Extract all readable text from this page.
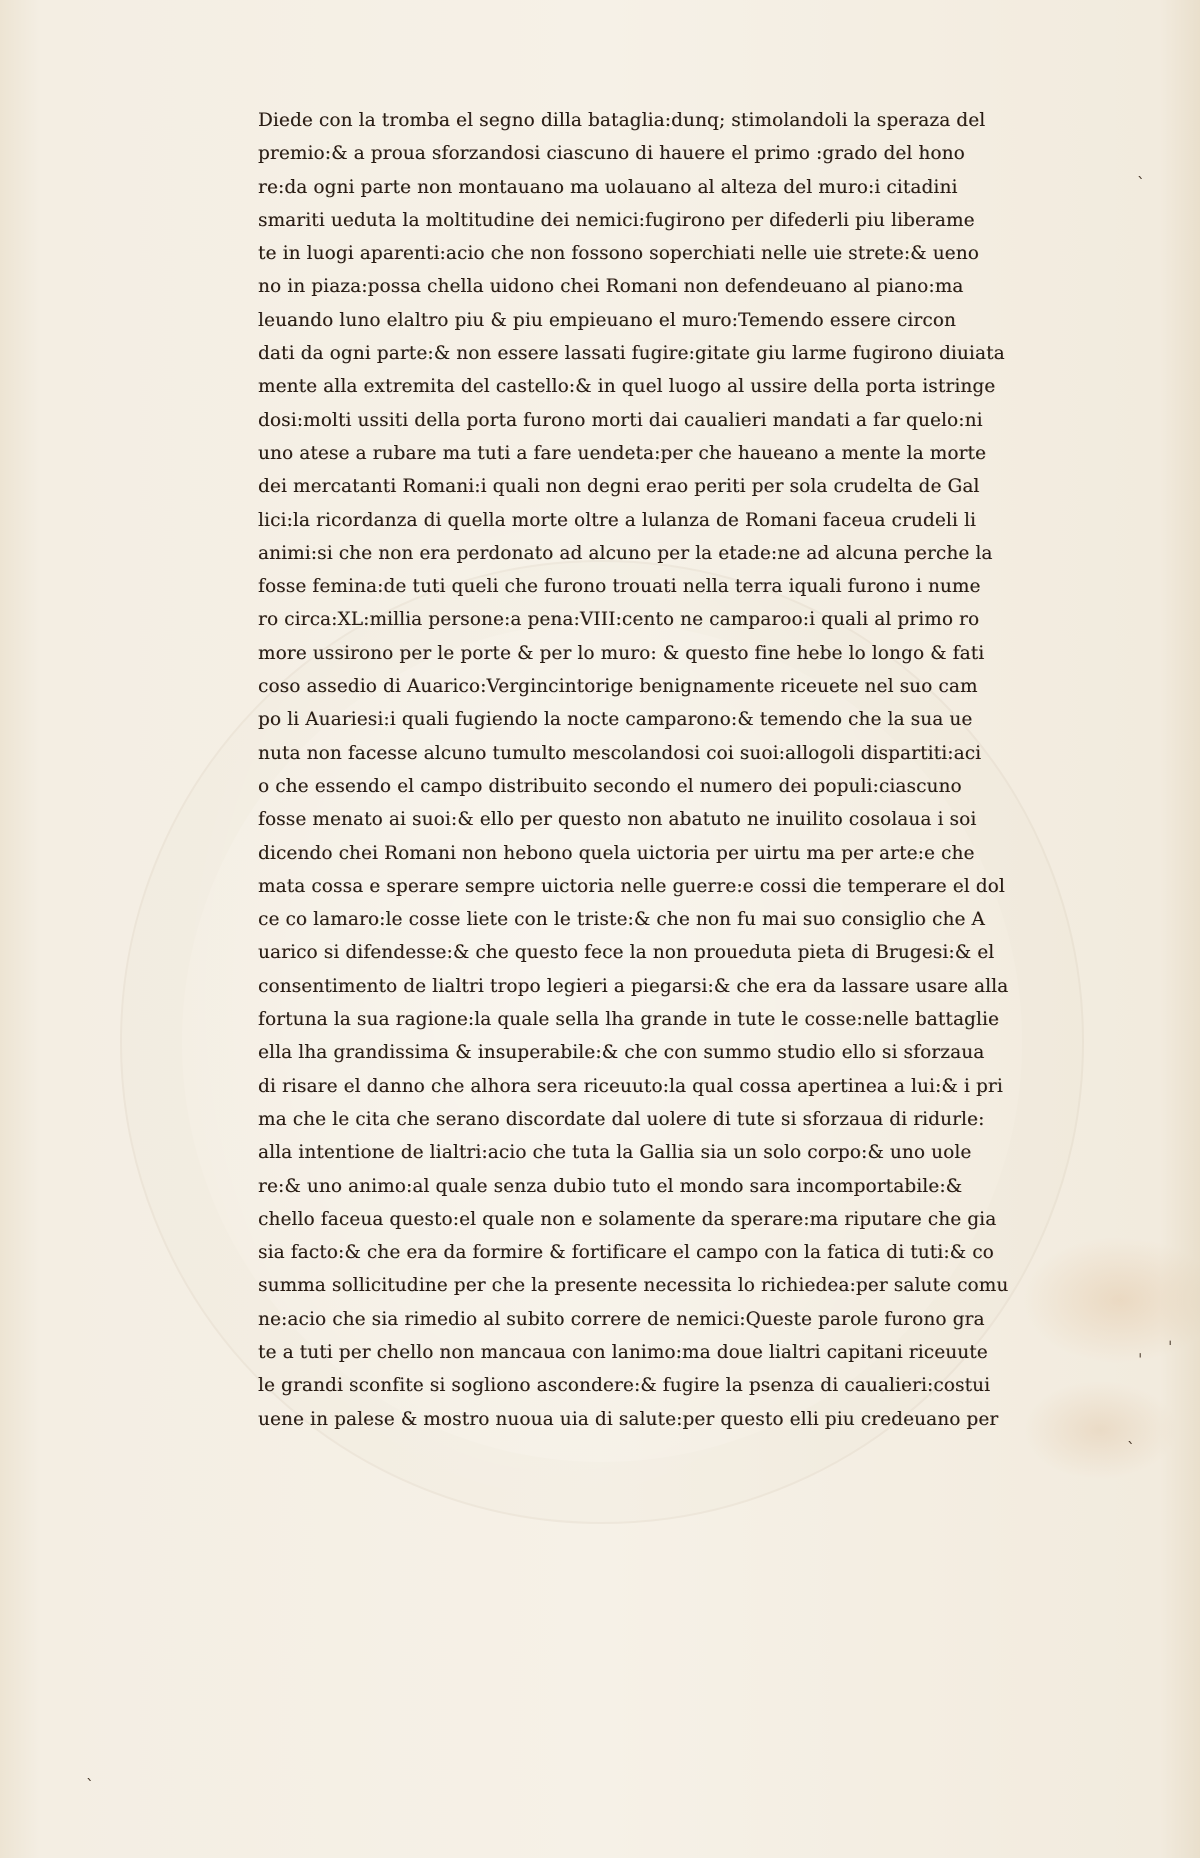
Diede con la tromba el segno dilla bataglia:dunq; stimolandoli la speraza del
premio:& a proua sforzandosi ciascuno di hauere el primo :grado del hono
re:da ogni parte non montauano ma uolauano al alteza del muro:i citadini
smariti ueduta la moltitudine dei nemici:fugirono per difederli piu liberame
te in luogi aparenti:acio che non fossono soperchiati nelle uie strete:& ueno
no in piaza:possa chella uidono chei Romani non defendeuano al piano:ma
leuando luno elaltro piu & piu empieuano el muro:Temendo essere circon
dati da ogni parte:& non essere lassati fugire:gitate giu larme fugirono diuiata
mente alla extremita del castello:& in quel luogo al ussire della porta istringe
dosi:molti ussiti della porta furono morti dai caualieri mandati a far quelo:ni
uno atese a rubare ma tuti a fare uendeta:per che haueano a mente la morte
dei mercatanti Romani:i quali non degni erao periti per sola crudelta de Gal
lici:la ricordanza di quella morte oltre a lulanza de Romani faceua crudeli li
animi:si che non era perdonato ad alcuno per la etade:ne ad alcuna perche la
fosse femina:de tuti queli che furono trouati nella terra iquali furono i nume
ro circa:XL:millia persone:a pena:VIII:cento ne camparoo:i quali al primo ro
more ussirono per le porte & per lo muro: & questo fine hebe lo longo & fati
coso assedio di Auarico:Vergincintorige benignamente riceuete nel suo cam
po li Auariesi:i quali fugiendo la nocte camparono:& temendo che la sua ue
nuta non facesse alcuno tumulto mescolandosi coi suoi:allogoli dispartiti:aci
o che essendo el campo distribuito secondo el numero dei populi:ciascuno
fosse menato ai suoi:& ello per questo non abatuto ne inuilito cosolaua i soi
dicendo chei Romani non hebono quela uictoria per uirtu ma per arte:e che
mata cossa e sperare sempre uictoria nelle guerre:e cossi die temperare el dol
ce co lamaro:le cosse liete con le triste:& che non fu mai suo consiglio che A
uarico si difendesse:& che questo fece la non proueduta pieta di Brugesi:& el
consentimento de lialtri tropo legieri a piegarsi:& che era da lassare usare alla
fortuna la sua ragione:la quale sella lha grande in tute le cosse:nelle battaglie
ella lha grandissima & insuperabile:& che con summo studio ello si sforzaua
di risare el danno che alhora sera riceuuto:la qual cossa apertinea a lui:& i pri
ma che le cita che serano discordate dal uolere di tute si sforzaua di ridurle:
alla intentione de lialtri:acio che tuta la Gallia sia un solo corpo:& uno uole
re:& uno animo:al quale senza dubio tuto el mondo sara incomportabile:&
chello faceua questo:el quale non e solamente da sperare:ma riputare che gia
sia facto:& che era da formire & fortificare el campo con la fatica di tuti:& co
summa sollicitudine per che la presente necessita lo richiedea:per salute comu
ne:acio che sia rimedio al subito correre de nemici:Queste parole furono gra
te a tuti per chello non mancaua con lanimo:ma doue lialtri capitani riceuute
le grandi sconfite si sogliono ascondere:& fugire la psenza di caualieri:costui
uene in palese & mostro nuoua uia di salute:per questo elli piu credeuano per
ˎ
ˌ ˈ
ˎ
ˋ
